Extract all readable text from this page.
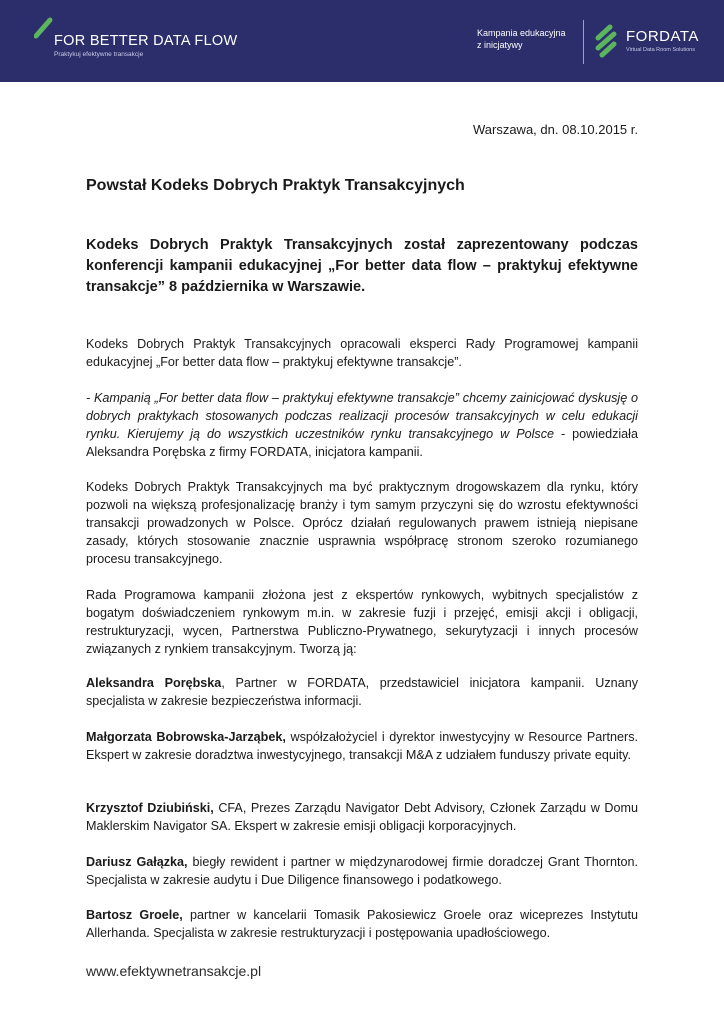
FOR BETTER DATA FLOW
Praktykuj efektywne transakcje
Kampania edukacyjna
z inicjatywy	FORDATA
Virtual Data Room Solutions
Warszawa, dn. 08.10.2015 r.
Powstał Kodeks Dobrych Praktyk Transakcyjnych
Kodeks Dobrych Praktyk Transakcyjnych został zaprezentowany podczas konferencji kampanii edukacyjnej „For better data flow – praktykuj efektywne transakcje” 8 października w Warszawie.
Kodeks Dobrych Praktyk Transakcyjnych opracowali eksperci Rady Programowej kampanii edukacyjnej „For better data flow – praktykuj efektywne transakcje”.
- Kampanią „For better data flow – praktykuj efektywne transakcje” chcemy zainicjować dyskusję o dobrych praktykach stosowanych podczas realizacji procesów transakcyjnych w celu edukacji rynku. Kierujemy ją do wszystkich uczestników rynku transakcyjnego w Polsce - powiedziała Aleksandra Porębska z firmy FORDATA, inicjatora kampanii.
Kodeks Dobrych Praktyk Transakcyjnych ma być praktycznym drogowskazem dla rynku, który pozwoli na większą profesjonalizację branży i tym samym przyczyni się do wzrostu efektywności transakcji prowadzonych w Polsce. Oprócz działań regulowanych prawem istnieją niepisane zasady, których stosowanie znacznie usprawnia współpracę stronom szeroko rozumianego procesu transakcyjnego.
Rada Programowa kampanii złożona jest z ekspertów rynkowych, wybitnych specjalistów z bogatym doświadczeniem rynkowym m.in. w zakresie fuzji i przejęć, emisji akcji i obligacji, restrukturyzacji, wycen, Partnerstwa Publiczno-Prywatnego, sekurytyzacji i innych procesów związanych z rynkiem transakcyjnym. Tworzą ją:
Aleksandra Porębska, Partner w FORDATA, przedstawiciel inicjatora kampanii. Uznany specjalista w zakresie bezpieczeństwa informacji.
Małgorzata Bobrowska-Jarząbek, współzałożyciel i dyrektor inwestycyjny w Resource Partners. Ekspert w zakresie doradztwa inwestycyjnego, transakcji M&A z udziałem funduszy private equity.
Krzysztof Dziubiński, CFA, Prezes Zarządu Navigator Debt Advisory, Członek Zarządu w Domu Maklerskim Navigator SA. Ekspert w zakresie emisji obligacji korporacyjnych.
Dariusz Gałązka, biegły rewident i partner w międzynarodowej firmie doradczej Grant Thornton. Specjalista w zakresie audytu i Due Diligence finansowego i podatkowego.
Bartosz Groele, partner w kancelarii Tomasik Pakosiewicz Groele oraz wiceprezes Instytutu Allerhanda. Specjalista w zakresie restrukturyzacji i postępowania upadłościowego.
www.efektywnetransakcje.pl
